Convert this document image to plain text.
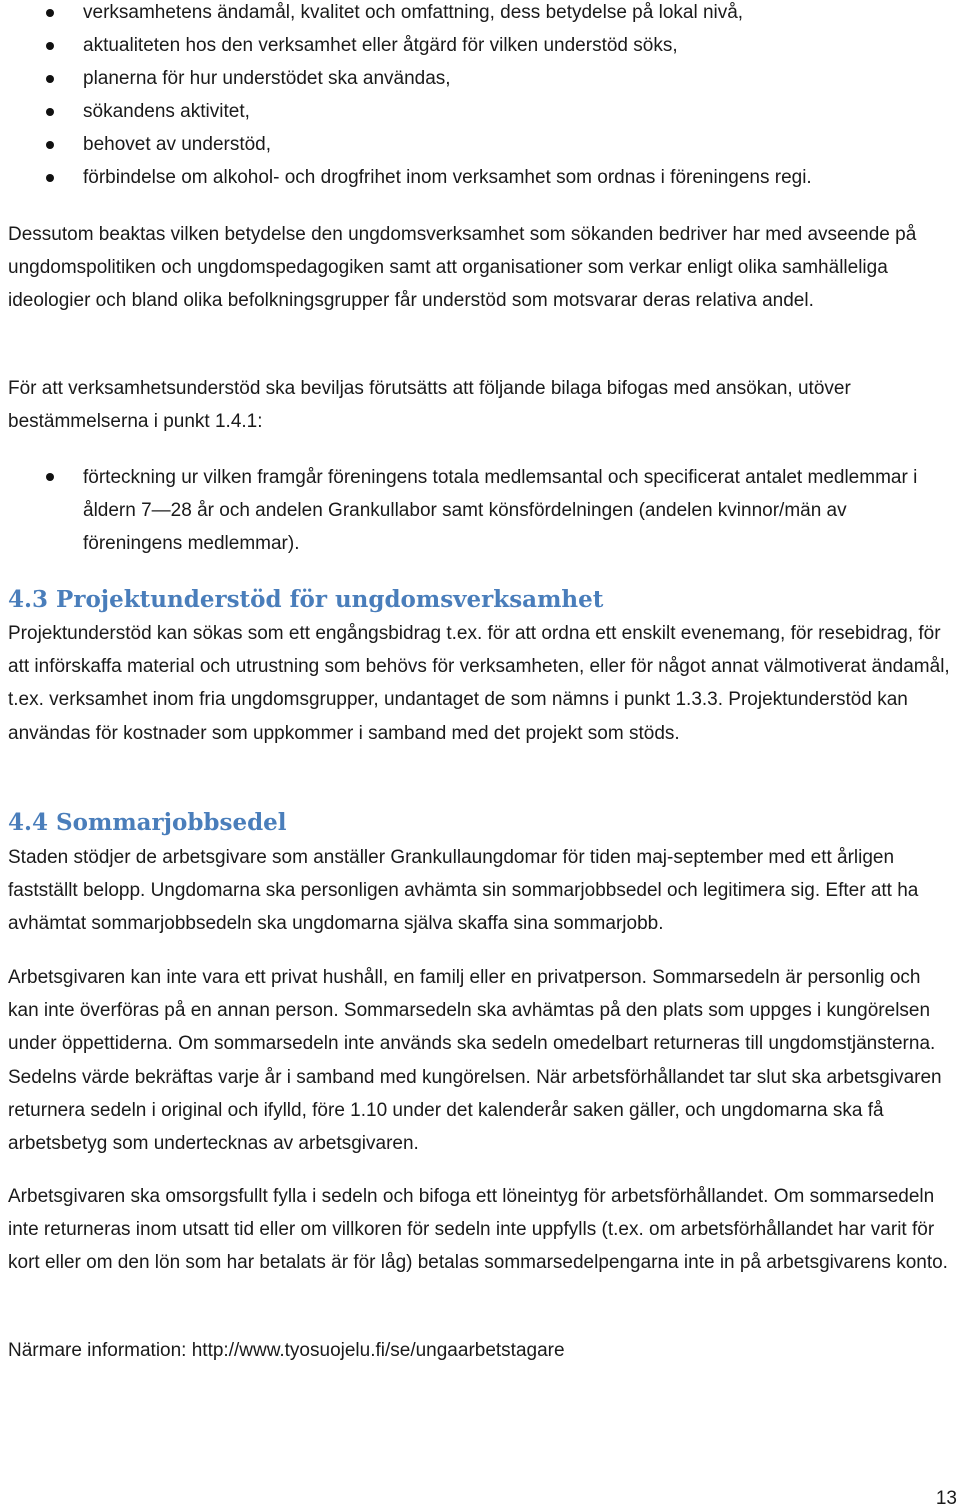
verksamhetens ändamål, kvalitet och omfattning, dess betydelse på lokal nivå,
aktualiteten hos den verksamhet eller åtgärd för vilken understöd söks,
planerna för hur understödet ska användas,
sökandens aktivitet,
behovet av understöd,
förbindelse om alkohol- och drogfrihet inom verksamhet som ordnas i föreningens regi.

Dessutom beaktas vilken betydelse den ungdomsverksamhet som sökanden bedriver har med avseende på ungdomspolitiken och ungdomspedagogiken samt att organisationer som verkar enligt olika samhälleliga ideologier och bland olika befolkningsgrupper får understöd som motsvarar deras relativa andel.

För att verksamhetsunderstöd ska beviljas förutsätts att följande bilaga bifogas med ansökan, utöver bestämmelserna i punkt 1.4.1:

förteckning ur vilken framgår föreningens totala medlemsantal och specificerat antalet medlemmar i åldern 7—28 år och andelen Grankullabor samt könsfördelningen (andelen kvinnor/män av föreningens medlemmar).
4.3 Projektunderstöd för ungdomsverksamhet

Projektunderstöd kan sökas som ett engångsbidrag t.ex. för att ordna ett enskilt evenemang, för resebidrag, för att införskaffa material och utrustning som behövs för verksamheten, eller för något annat välmotiverat ändamål, t.ex. verksamhet inom fria ungdomsgrupper, undantaget de som nämns i punkt 1.3.3. Projektunderstöd kan användas för kostnader som uppkommer i samband med det projekt som stöds.

4.4 Sommarjobbsedel

Staden stödjer de arbetsgivare som anställer Grankullaungdomar för tiden maj-september med ett årligen fastställt belopp. Ungdomarna ska personligen avhämta sin sommarjobbsedel och legitimera sig. Efter att ha avhämtat sommarjobbsedeln ska ungdomarna själva skaffa sina sommarjobb.

Arbetsgivaren kan inte vara ett privat hushåll, en familj eller en privatperson. Sommarsedeln är personlig och kan inte överföras på en annan person. Sommarsedeln ska avhämtas på den plats som uppges i kungörelsen under öppettiderna. Om sommarsedeln inte används ska sedeln omedelbart returneras till ungdomstjänsterna. Sedelns värde bekräftas varje år i samband med kungörelsen. När arbetsförhållandet tar slut ska arbetsgivaren returnera sedeln i original och ifylld, före 1.10 under det kalenderår saken gäller, och ungdomarna ska få arbetsbetyg som undertecknas av arbetsgivaren.

Arbetsgivaren ska omsorgsfullt fylla i sedeln och bifoga ett löneintyg för arbetsförhållandet. Om sommarsedeln inte returneras inom utsatt tid eller om villkoren för sedeln inte uppfylls (t.ex. om arbetsförhållandet har varit för kort eller om den lön som har betalats är för låg) betalas sommarsedelpengarna inte in på arbetsgivarens konto.

Närmare information: http://www.tyosuojelu.fi/se/ungaarbetstagare

13
